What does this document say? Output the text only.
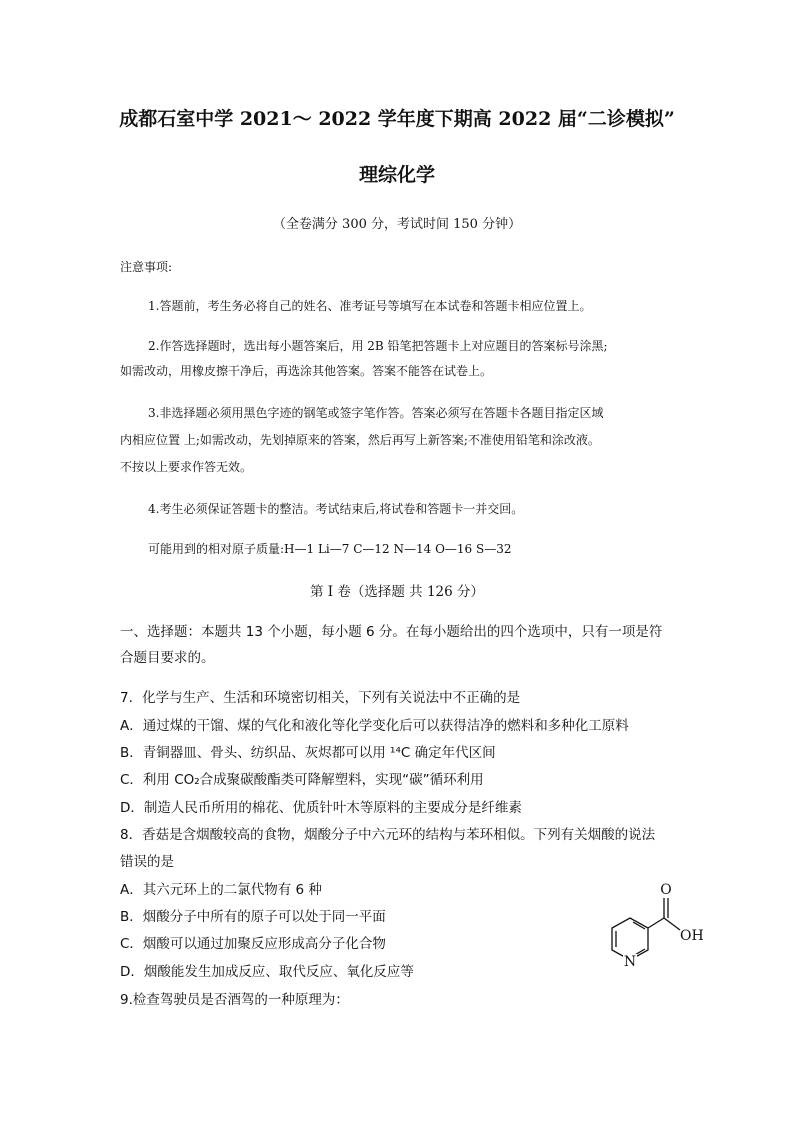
成都石室中学 2021～ 2022 学年度下期高 2022 届“二诊模拟”
理综化学
（全卷满分 300 分，考试时间 150 分钟）
注意事项:
1.答题前，考生务必将自己的姓名、准考证号等填写在本试卷和答题卡相应位置上。
2.作答选择题时，选出每小题答案后，用 2B 铅笔把答题卡上对应题目的答案标号涂黑;
如需改动，用橡皮擦干净后，再选涂其他答案。答案不能答在试卷上。
3.非选择题必须用黑色字迹的钢笔或签字笔作答。答案必须写在答题卡各题目指定区域
内相应位置 上;如需改动，先划掉原来的答案，然后再写上新答案;不准使用铅笔和涂改液。
不按以上要求作答无效。
4.考生必须保证答题卡的整洁。考试结束后,将试卷和答题卡一并交回。
可能用到的相对原子质量:H—1 Li—7 C—12 N—14 O—16 S—32
第 I 卷（选择题 共 126 分）
一、选择题：本题共 13 个小题，每小题 6 分。在每小题给出的四个选项中，只有一项是符
合题目要求的。
7．化学与生产、生活和环境密切相关，下列有关说法中不正确的是
A．通过煤的干馏、煤的气化和液化等化学变化后可以获得洁净的燃料和多种化工原料
B．青铜器皿、骨头、纺织品、灰烬都可以用 ¹⁴C 确定年代区间
C．利用 CO₂合成聚碳酸酯类可降解塑料，实现“碳”循环利用
D．制造人民币所用的棉花、优质针叶木等原料的主要成分是纤维素
8．香菇是含烟酸较高的食物，烟酸分子中六元环的结构与苯环相似。下列有关烟酸的说法
错误的是
A．其六元环上的二氯代物有 6 种
B．烟酸分子中所有的原子可以处于同一平面
C．烟酸可以通过加聚反应形成高分子化合物
D．烟酸能发生加成反应、取代反应、氧化反应等
9.检查驾驶员是否酒驾的一种原理为：
N
O
OH
